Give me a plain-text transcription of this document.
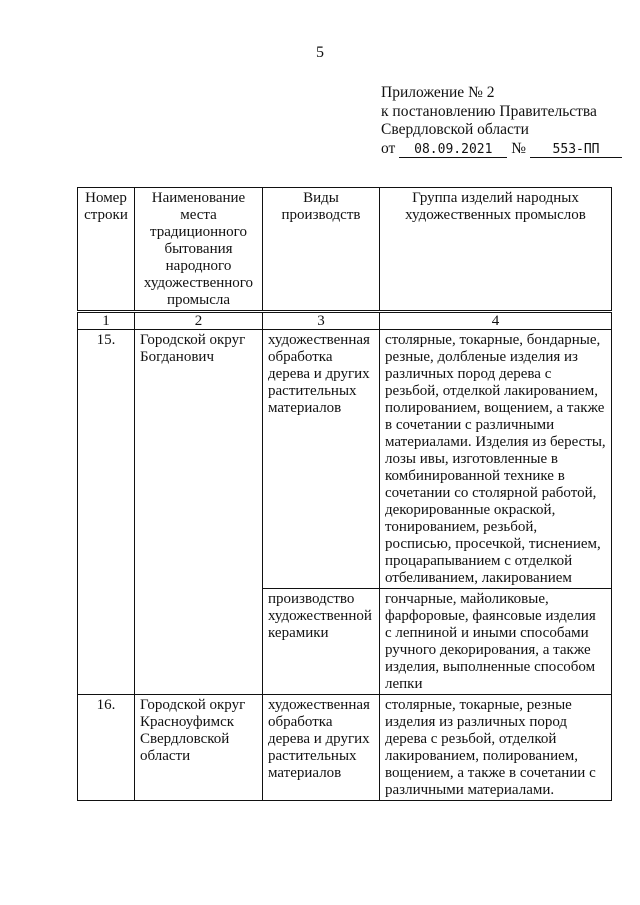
5
Приложение № 2
к постановлению Правительства
Свердловской области
от	08.09.2021	№	553-ПП
Номер строки	Наименование места традиционного бытования народного художественного промысла	Виды производств	Группа изделий народных художественных промыслов
1	2	3	4
15.	Городской округ Богданович	художественная обработка дерева и других растительных материалов	столярные, токарные, бондарные, резные, долбленые изделия из различных пород дерева с резьбой, отделкой лакированием, полированием, вощением, а также в сочетании с различными материалами. Изделия из бересты, лозы ивы, изготовленные в комбинированной технике в сочетании со столярной работой, декорированные окраской, тонированием, резьбой, росписью, просечкой, тиснением, процарапыванием с отделкой отбеливанием, лакированием
		производство художественной керамики	гончарные, майоликовые, фарфоровые, фаянсовые изделия с лепниной и иными способами ручного декорирования, а также изделия, выполненные способом лепки
16.	Городской округ Красноуфимск Свердловской области	художественная обработка дерева и других растительных материалов	столярные, токарные, резные изделия из различных пород дерева с резьбой, отделкой лакированием, полированием, вощением, а также в сочетании с различными материалами.
